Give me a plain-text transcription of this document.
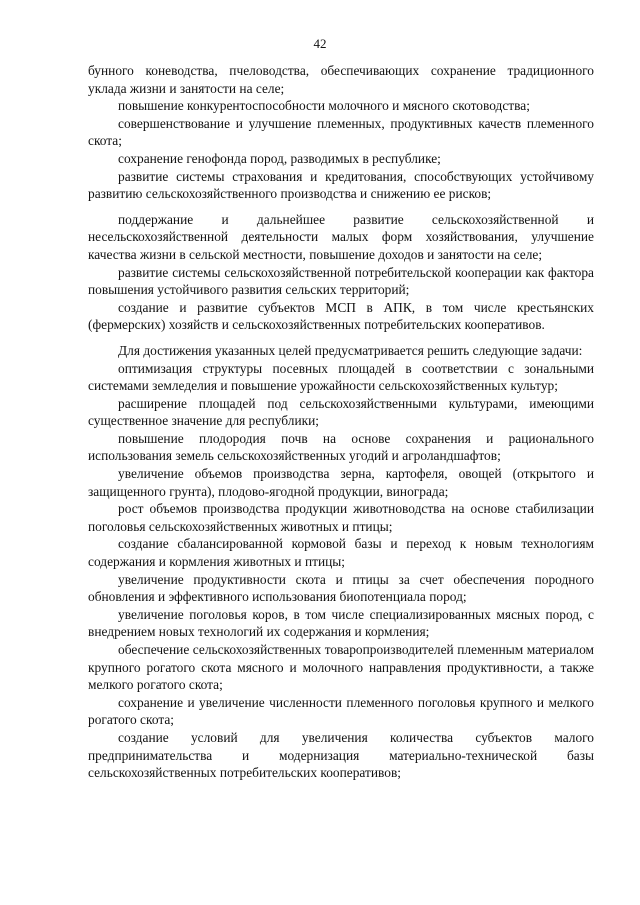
42

бунного коневодства, пчеловодства, обеспечивающих сохранение традиционного уклада жизни и занятости на селе;

повышение конкурентоспособности молочного и мясного скотоводства;

совершенствование и улучшение племенных, продуктивных качеств племенного скота;

сохранение генофонда пород, разводимых в республике;

развитие системы страхования и кредитования, способствующих устойчивому развитию сельскохозяйственного производства и снижению ее рисков;

поддержание и дальнейшее развитие сельскохозяйственной и несельскохозяйственной деятельности малых форм хозяйствования, улучшение качества жизни в сельской местности, повышение доходов и занятости на селе;

развитие системы сельскохозяйственной потребительской кооперации как фактора повышения устойчивого развития сельских территорий;

создание и развитие субъектов МСП в АПК, в том числе крестьянских (фермерских) хозяйств и сельскохозяйственных потребительских кооперативов.

Для достижения указанных целей предусматривается решить следующие задачи:

оптимизация структуры посевных площадей в соответствии с зональными системами земледелия и повышение урожайности сельскохозяйственных культур;

расширение площадей под сельскохозяйственными культурами, имеющими существенное значение для республики;

повышение плодородия почв на основе сохранения и рационального использования земель сельскохозяйственных угодий и агроландшафтов;

увеличение объемов производства зерна, картофеля, овощей (открытого и защищенного грунта), плодово-ягодной продукции, винограда;

рост объемов производства продукции животноводства на основе стабилизации поголовья сельскохозяйственных животных и птицы;

создание сбалансированной кормовой базы и переход к новым технологиям содержания и кормления животных и птицы;

увеличение продуктивности скота и птицы за счет обеспечения породного обновления и эффективного использования биопотенциала пород;

увеличение поголовья коров, в том числе специализированных мясных пород, с внедрением новых технологий их содержания и кормления;

обеспечение сельскохозяйственных товаропроизводителей племенным материалом крупного рогатого скота мясного и молочного направления продуктивности, а также мелкого рогатого скота;

сохранение и увеличение численности племенного поголовья крупного и мелкого рогатого скота;

создание условий для увеличения количества субъектов малого предпринимательства и модернизация материально-технической базы сельскохозяйственных потребительских кооперативов;
